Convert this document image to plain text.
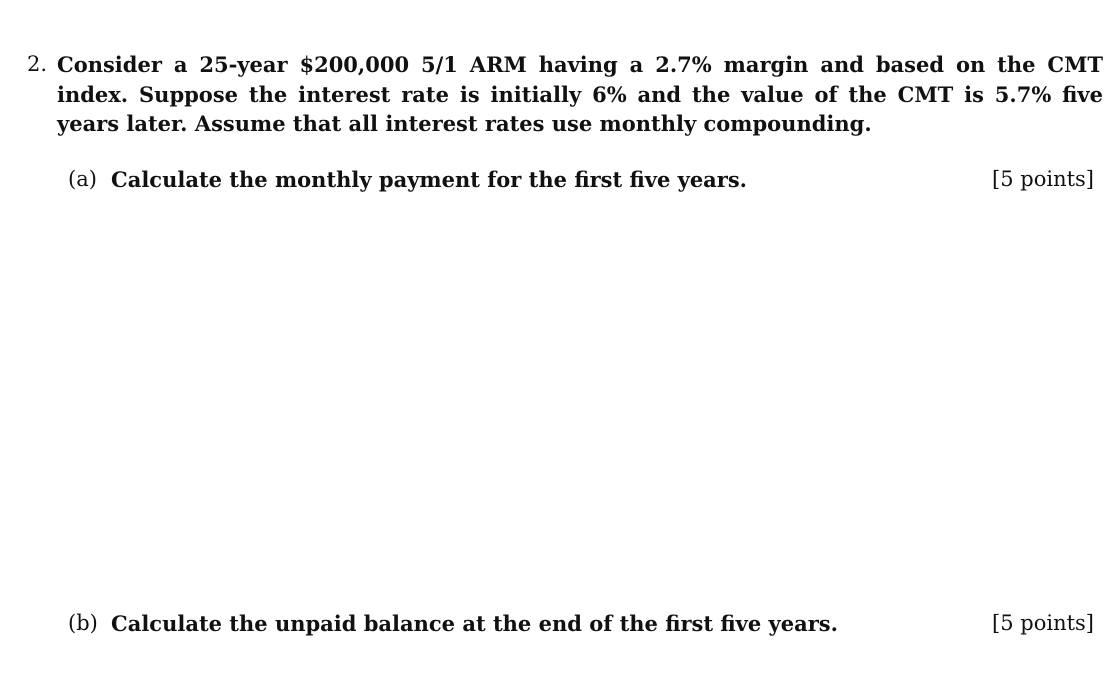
2. Consider a 25-year $200,000 5/1 ARM having a 2.7% margin and based on the CMT index. Suppose the interest rate is initially 6% and the value of the CMT is 5.7% five years later. Assume that all interest rates use monthly compounding.
(a) Calculate the monthly payment for the first five years.	[5 points]
(b) Calculate the unpaid balance at the end of the first five years.	[5 points]
